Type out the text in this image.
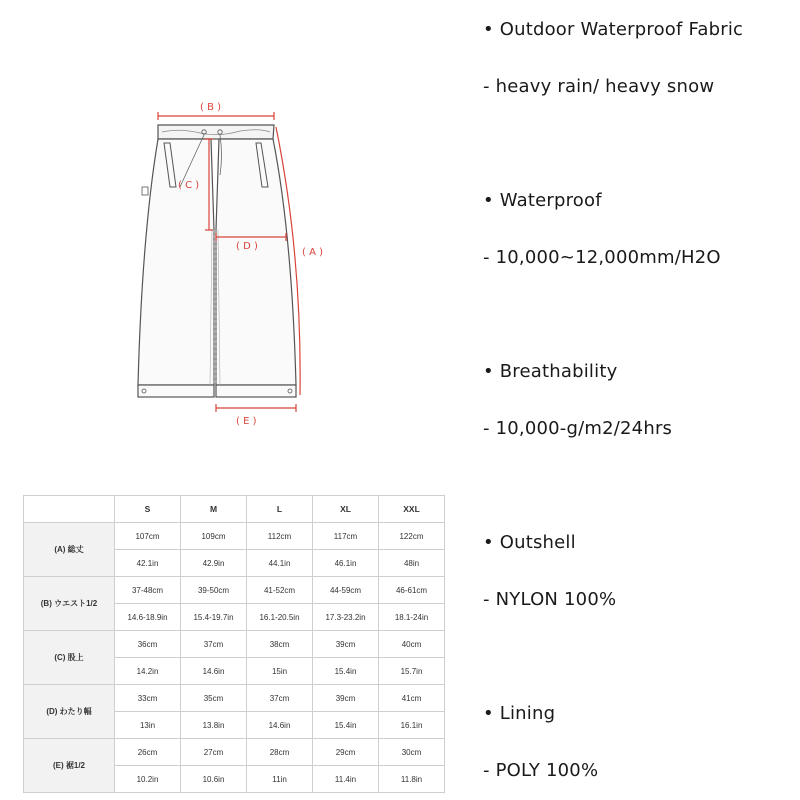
( B )
( C )
( D )
( A )
( E )
• Outdoor Waterproof Fabric
- heavy rain/ heavy snow
• Waterproof
- 10,000~12,000mm/H2O
• Breathability
- 10,000-g/m2/24hrs
• Outshell
- NYLON 100%
• Lining
- POLY 100%
	S	M	L	XL	XXL
(A) 総丈	107cm	109cm	112cm	117cm	122cm
	42.1in	42.9in	44.1in	46.1in	48in
(B) ウエスト1/2	37-48cm	39-50cm	41-52cm	44-59cm	46-61cm
	14.6-18.9in	15.4-19.7in	16.1-20.5in	17.3-23.2in	18.1-24in
(C) 股上	36cm	37cm	38cm	39cm	40cm
	14.2in	14.6in	15in	15.4in	15.7in
(D) わたり幅	33cm	35cm	37cm	39cm	41cm
	13in	13.8in	14.6in	15.4in	16.1in
(E) 裾1/2	26cm	27cm	28cm	29cm	30cm
	10.2in	10.6in	11in	11.4in	11.8in
